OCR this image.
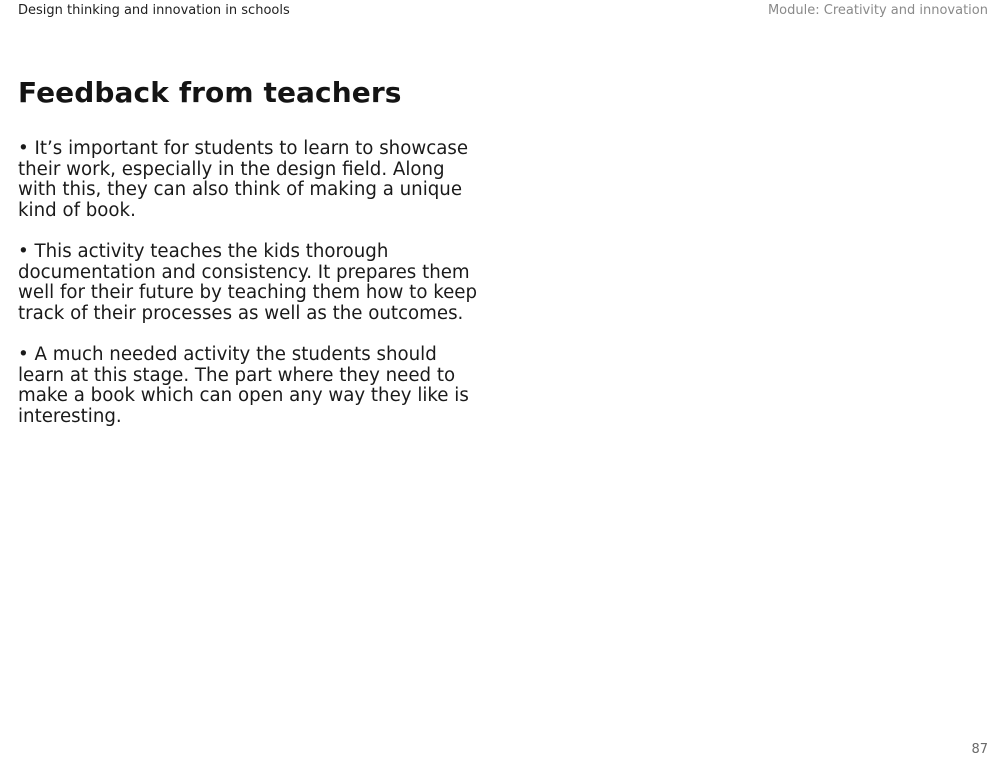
Design thinking and innovation in schools	Module: Creativity and innovation
Feedback from teachers
• It’s important for students to learn to showcase their work, especially in the design field. Along with this, they can also think of making a unique kind of book.
• This activity teaches the kids thorough documentation and consistency. It prepares them well for their future by teaching them how to keep track of their processes as well as the outcomes.
• A much needed activity the students should learn at this stage. The part where they need to make a book which can open any way they like is interesting.
87
